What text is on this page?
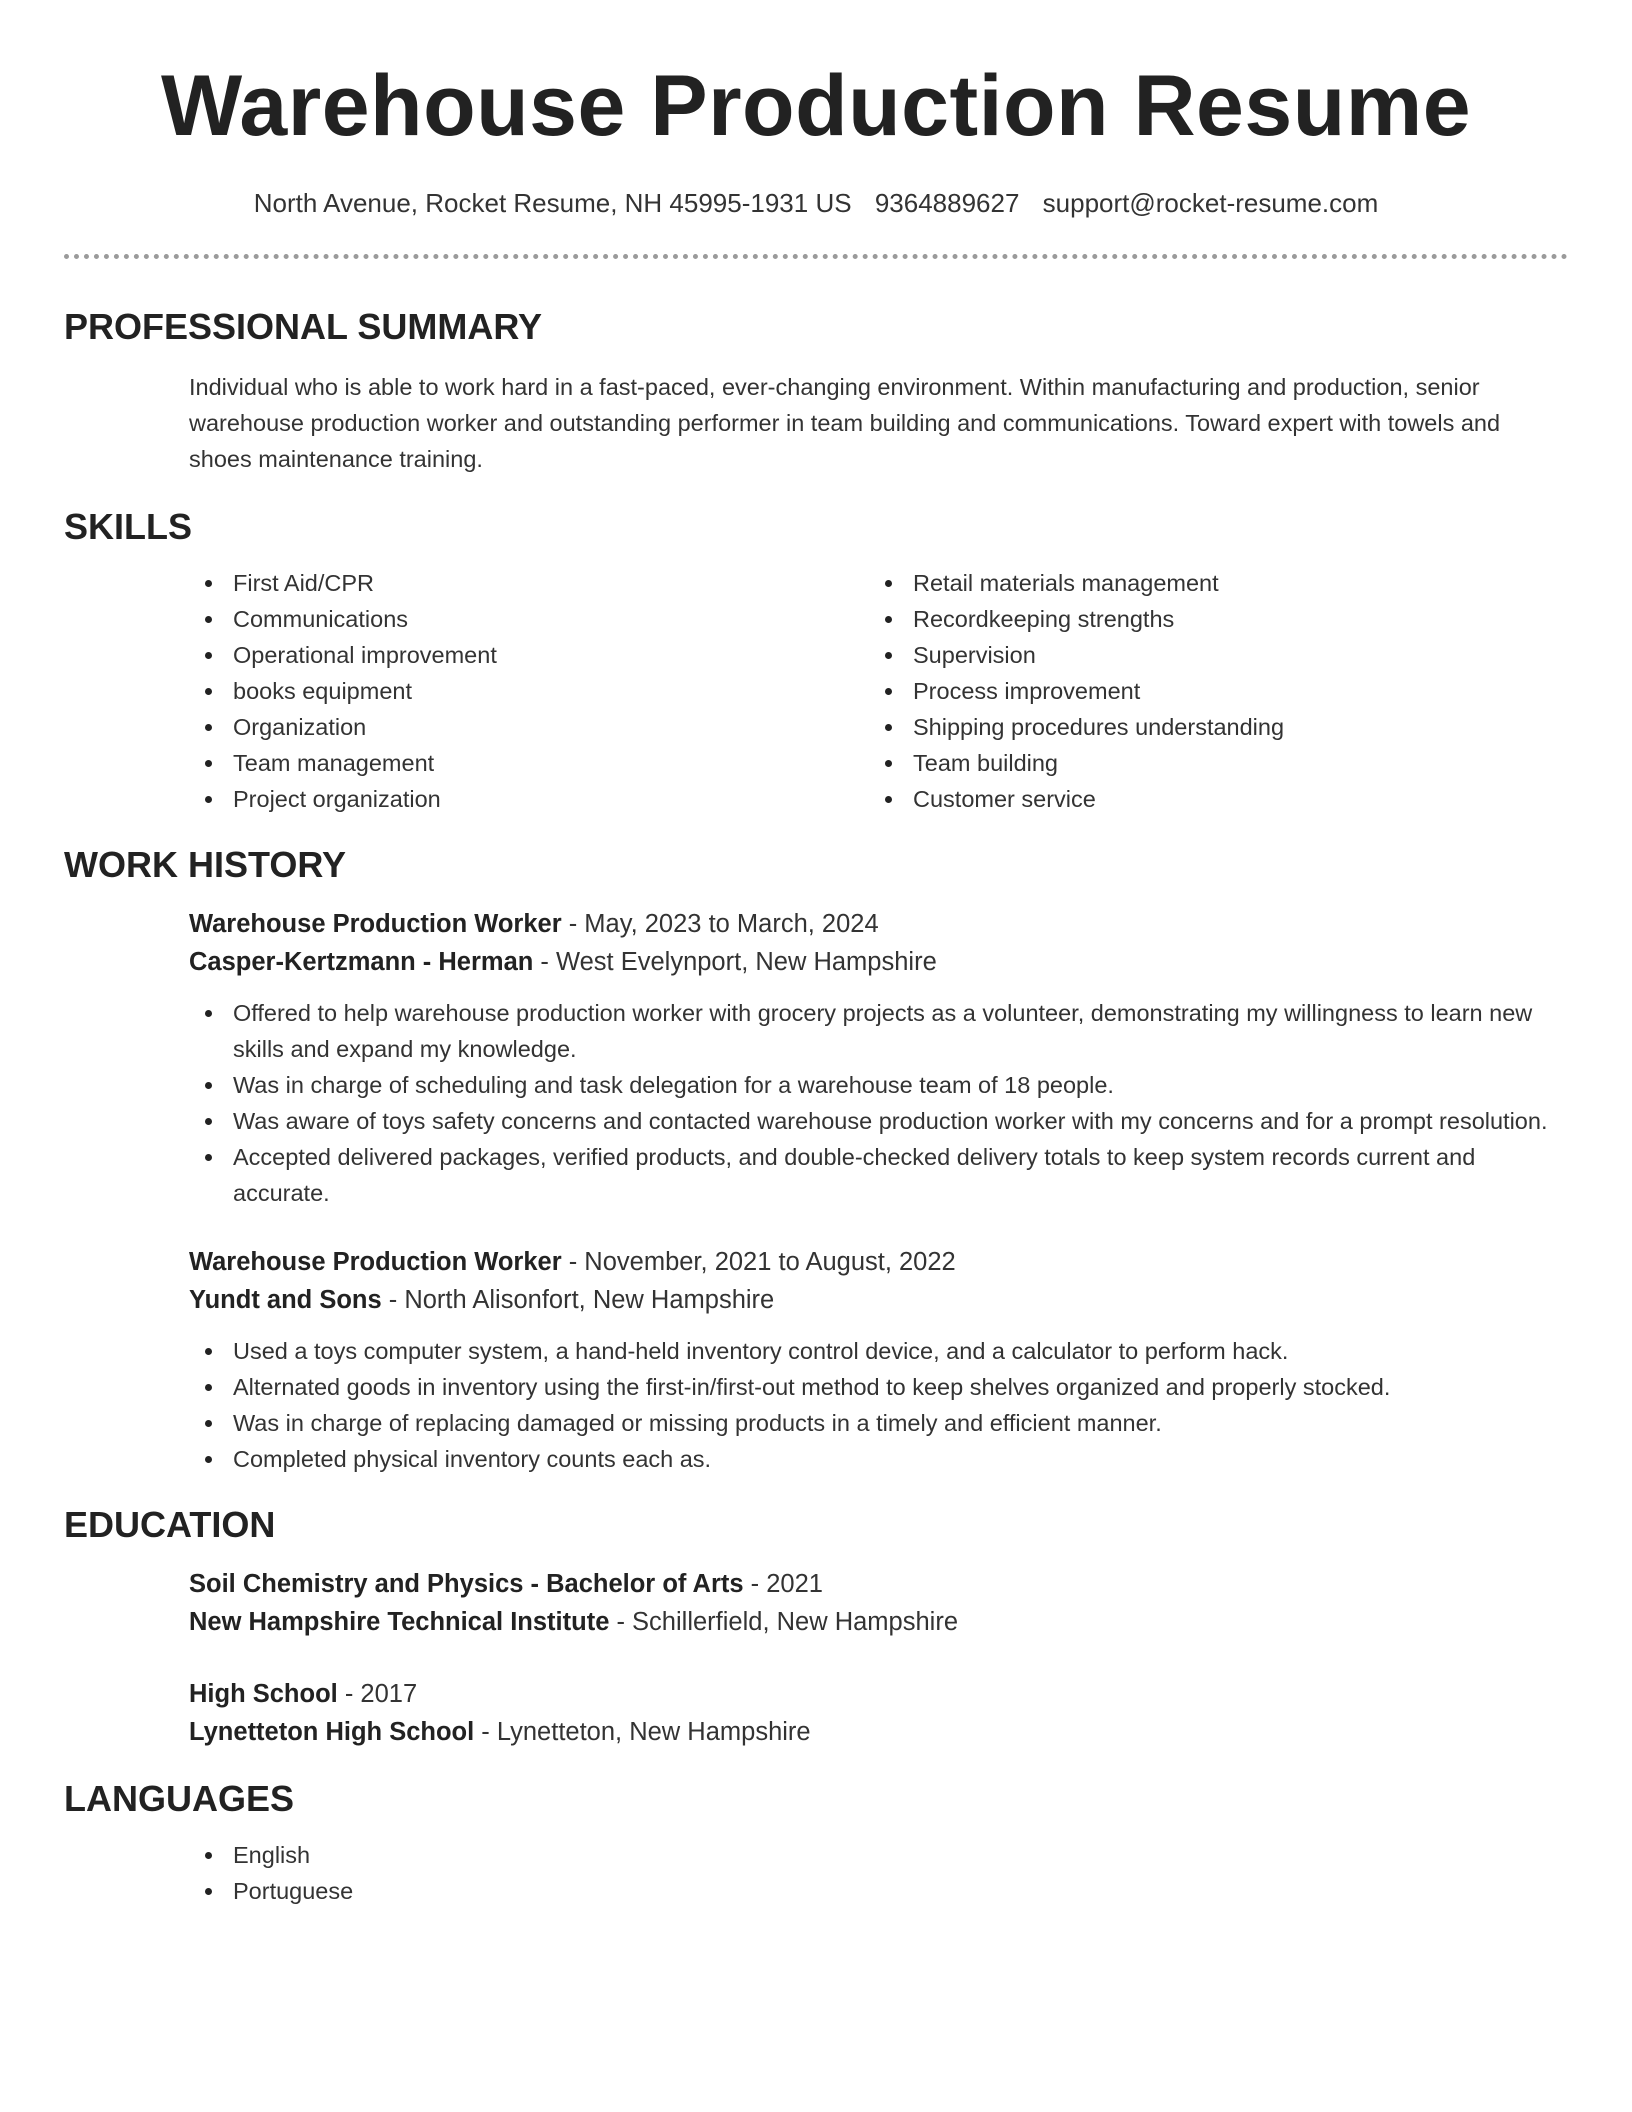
Warehouse Production Resume
North Avenue, Rocket Resume, NH 45995-1931 US 9364889627 support@rocket-resume.com
PROFESSIONAL SUMMARY

Individual who is able to work hard in a fast-paced, ever-changing environment. Within manufacturing and production, senior warehouse production worker and outstanding performer in team building and communications. Toward expert with towels and shoes maintenance training.

SKILLS
First Aid/CPR
Communications
Operational improvement
books equipment
Organization
Team management
Project organization
Retail materials management
Recordkeeping strengths
Supervision
Process improvement
Shipping procedures understanding
Team building
Customer service
WORK HISTORY
Warehouse Production Worker - May, 2023 to March, 2024
Casper-Kertzmann - Herman - West Evelynport, New Hampshire
Offered to help warehouse production worker with grocery projects as a volunteer, demonstrating my willingness to learn new skills and expand my knowledge.
Was in charge of scheduling and task delegation for a warehouse team of 18 people.
Was aware of toys safety concerns and contacted warehouse production worker with my concerns and for a prompt resolution.
Accepted delivered packages, verified products, and double-checked delivery totals to keep system records current and accurate.
Warehouse Production Worker - November, 2021 to August, 2022
Yundt and Sons - North Alisonfort, New Hampshire
Used a toys computer system, a hand-held inventory control device, and a calculator to perform hack.
Alternated goods in inventory using the first-in/first-out method to keep shelves organized and properly stocked.
Was in charge of replacing damaged or missing products in a timely and efficient manner.
Completed physical inventory counts each as.
EDUCATION
Soil Chemistry and Physics - Bachelor of Arts - 2021
New Hampshire Technical Institute - Schillerfield, New Hampshire
High School - 2017
Lynetteton High School - Lynetteton, New Hampshire
LANGUAGES
English
Portuguese
